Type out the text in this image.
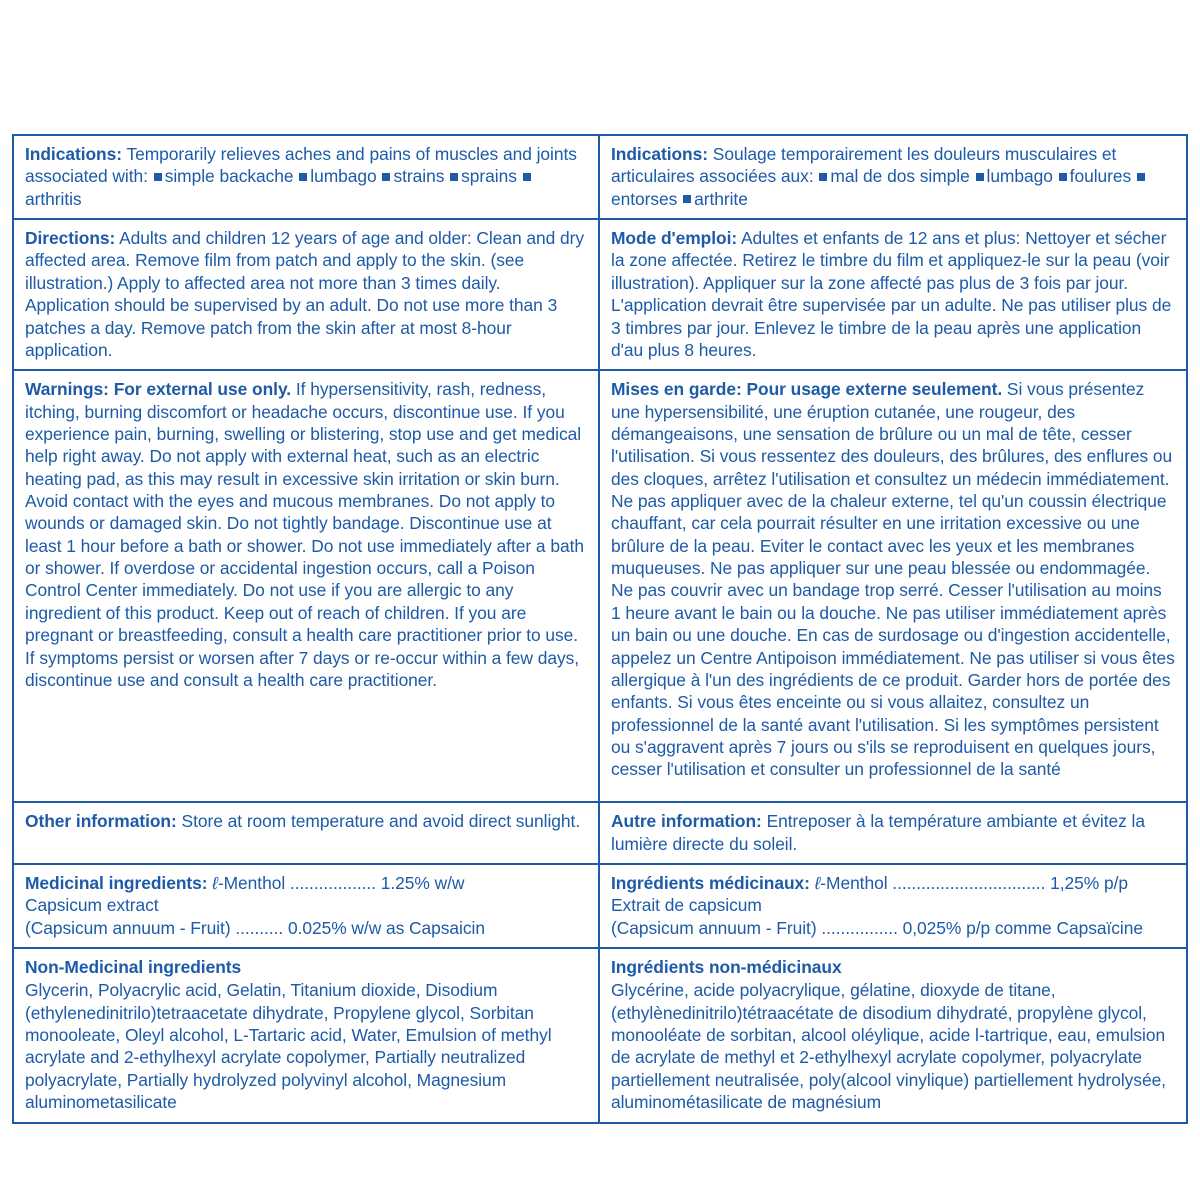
Indications: Temporarily relieves aches and pains of muscles and joints associated with: simple backache lumbago strains sprains arthritis
Indications: Soulage temporairement les douleurs musculaires et articulaires associées aux: mal de dos simple lumbago foulures entorses arthrite
Directions: Adults and children 12 years of age and older: Clean and dry affected area. Remove film from patch and apply to the skin. (see illustration.) Apply to affected area not more than 3 times daily. Application should be supervised by an adult. Do not use more than 3 patches a day. Remove patch from the skin after at most 8-hour application.
Mode d'emploi: Adultes et enfants de 12 ans et plus: Nettoyer et sécher la zone affectée. Retirez le timbre du film et appliquez-le sur la peau (voir illustration). Appliquer sur la zone affecté pas plus de 3 fois par jour. L'application devrait être supervisée par un adulte. Ne pas utiliser plus de 3 timbres par jour. Enlevez le timbre de la peau après une application d'au plus 8 heures.
Warnings: For external use only. If hypersensitivity, rash, redness, itching, burning discomfort or headache occurs, discontinue use. If you experience pain, burning, swelling or blistering, stop use and get medical help right away. Do not apply with external heat, such as an electric heating pad, as this may result in excessive skin irritation or skin burn. Avoid contact with the eyes and mucous membranes. Do not apply to wounds or damaged skin. Do not tightly bandage. Discontinue use at least 1 hour before a bath or shower. Do not use immediately after a bath or shower. If overdose or accidental ingestion occurs, call a Poison Control Center immediately. Do not use if you are allergic to any ingredient of this product. Keep out of reach of children. If you are pregnant or breastfeeding, consult a health care practitioner prior to use. If symptoms persist or worsen after 7 days or re-occur within a few days, discontinue use and consult a health care practitioner.
Mises en garde: Pour usage externe seulement. Si vous présentez une hypersensibilité, une éruption cutanée, une rougeur, des démangeaisons, une sensation de brûlure ou un mal de tête, cesser l'utilisation. Si vous ressentez des douleurs, des brûlures, des enflures ou des cloques, arrêtez l'utilisation et consultez un médecin immédiatement. Ne pas appliquer avec de la chaleur externe, tel qu'un coussin électrique chauffant, car cela pourrait résulter en une irritation excessive ou une brûlure de la peau. Eviter le contact avec les yeux et les membranes muqueuses. Ne pas appliquer sur une peau blessée ou endommagée. Ne pas couvrir avec un bandage trop serré. Cesser l'utilisation au moins 1 heure avant le bain ou la douche. Ne pas utiliser immédiatement après un bain ou une douche. En cas de surdosage ou d'ingestion accidentelle, appelez un Centre Antipoison immédiatement. Ne pas utiliser si vous êtes allergique à l'un des ingrédients de ce produit. Garder hors de portée des enfants. Si vous êtes enceinte ou si vous allaitez, consultez un professionnel de la santé avant l'utilisation. Si les symptômes persistent ou s'aggravent après 7 jours ou s'ils se reproduisent en quelques jours, cesser l'utilisation et consulter un professionnel de la santé
Other information: Store at room temperature and avoid direct sunlight.	Autre information: Entreposer à la température ambiante et évitez la lumière directe du soleil.
Medicinal ingredients: ℓ-Menthol .................. 1.25% w/w
Capsicum extract
(Capsicum annuum - Fruit) .......... 0.025% w/w as Capsaicin
Ingrédients médicinaux: ℓ-Menthol ................................ 1,25% p/p
Extrait de capsicum
(Capsicum annuum - Fruit) ................ 0,025% p/p comme Capsaïcine
Non-Medicinal ingredients
Glycerin, Polyacrylic acid, Gelatin, Titanium dioxide, Disodium (ethylenedinitrilo)tetraacetate dihydrate, Propylene glycol, Sorbitan monooleate, Oleyl alcohol, L-Tartaric acid, Water, Emulsion of methyl acrylate and 2-ethylhexyl acrylate copolymer, Partially neutralized polyacrylate, Partially hydrolyzed polyvinyl alcohol, Magnesium aluminometasilicate
Ingrédients non-médicinaux
Glycérine, acide polyacrylique, gélatine, dioxyde de titane, (ethylènedinitrilo)tétraacétate de disodium dihydraté, propylène glycol, monooléate de sorbitan, alcool oléylique, acide l-tartrique, eau, emulsion de acrylate de methyl et 2-ethylhexyl acrylate copolymer, polyacrylate partiellement neutralisée, poly(alcool vinylique) partiellement hydrolysée, aluminométasilicate de magnésium
